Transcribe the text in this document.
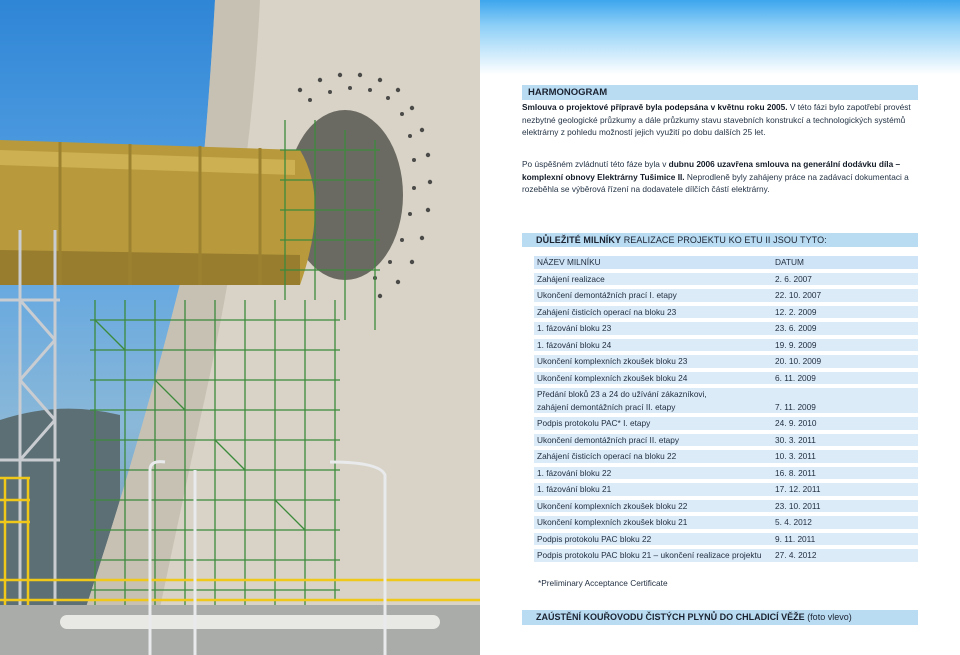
HARMONOGRAM
Smlouva o projektové přípravě byla podepsána v květnu roku 2005. V této fázi bylo zapotřebí provést nezbytné geologické průzkumy a dále průzkumy stavu stavebních konstrukcí a technologických systémů elektrárny z pohledu možností jejich využití po dobu dalších 25 let.
Po úspěšném zvládnutí této fáze byla v dubnu 2006 uzavřena smlouva na generální dodávku díla – komplexní obnovy Elektrárny Tušimice II. Neprodleně byly zahájeny práce na zadávací dokumentaci a rozeběhla se výběrová řízení na dodavatele dílčích částí elektrárny.
DŮLEŽITÉ MILNÍKY REALIZACE PROJEKTU KO ETU II JSOU TYTO:
NÁZEV MILNÍKU	DATUM
Zahájení realizace	2. 6. 2007
Ukončení demontážních prací I. etapy	22. 10. 2007
Zahájení čisticích operací na bloku 23	12. 2. 2009
1. fázování bloku 23	23. 6. 2009
1. fázování bloku 24	19. 9. 2009
Ukončení komplexních zkoušek bloku 23	20. 10. 2009
Ukončení komplexních zkoušek bloku 24	6. 11. 2009
Předání bloků 23 a 24 do užívání zákazníkovi,
zahájení demontážních prací II. etapy	7. 11. 2009
Podpis protokolu PAC* I. etapy	24. 9. 2010
Ukončení demontážních prací II. etapy	30. 3. 2011
Zahájení čisticích operací na bloku 22	10. 3. 2011
1. fázování bloku 22	16. 8. 2011
1. fázování bloku 21	17. 12. 2011
Ukončení komplexních zkoušek bloku 22	23. 10. 2011
Ukončení komplexních zkoušek bloku 21	5. 4. 2012
Podpis protokolu PAC bloku 22	9. 11. 2011
Podpis protokolu PAC bloku 21 – ukončení realizace projektu	27. 4. 2012
*Preliminary Acceptance Certificate
ZAÚSTĚNÍ KOUŘOVODU ČISTÝCH PLYNŮ DO CHLADICÍ VĚŽE (foto vlevo)
